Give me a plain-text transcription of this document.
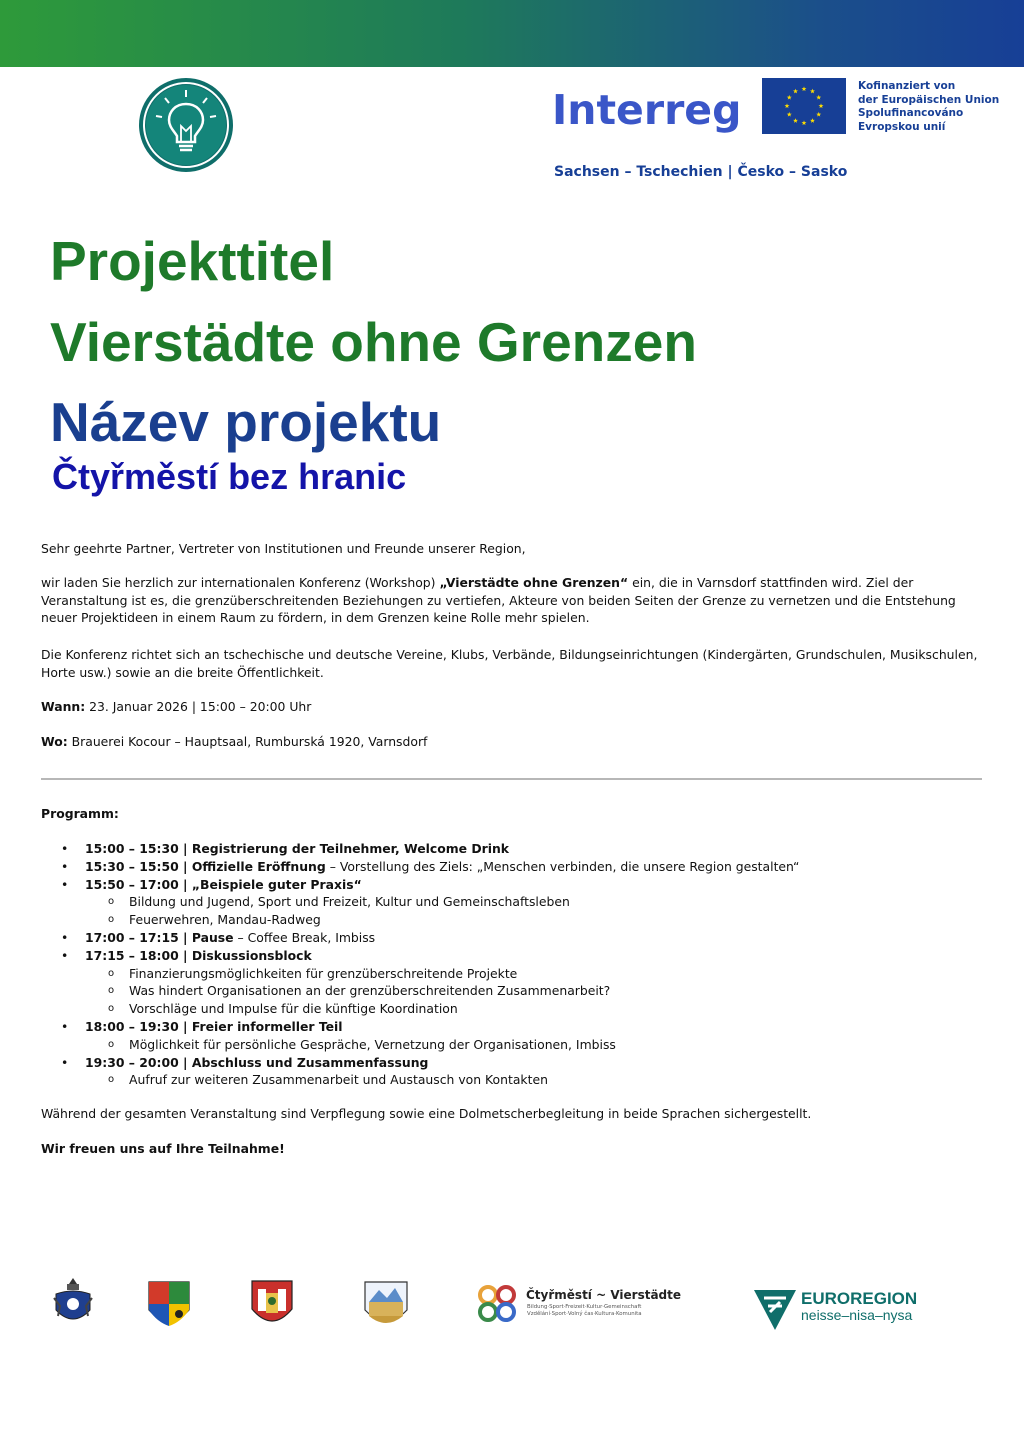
Interreg	Kofinanziert von
der Europäischen Union
Spolufinancováno
Evropskou unií
Sachsen – Tschechien | Česko – Sasko
Projekttitel
Vierstädte ohne Grenzen
Název projektu
Čtyřměstí bez hranic

Sehr geehrte Partner, Vertreter von Institutionen und Freunde unserer Region,

wir laden Sie herzlich zur internationalen Konferenz (Workshop) „Vierstädte ohne Grenzen“ ein, die in Varnsdorf stattfinden wird. Ziel der Veranstaltung ist es, die grenzüberschreitenden Beziehungen zu vertiefen, Akteure von beiden Seiten der Grenze zu vernetzen und die Entstehung neuer Projektideen in einem Raum zu fördern, in dem Grenzen keine Rolle mehr spielen.

Die Konferenz richtet sich an tschechische und deutsche Vereine, Klubs, Verbände, Bildungseinrichtungen (Kindergärten, Grundschulen, Musikschulen, Horte usw.) sowie an die breite Öffentlichkeit.

Wann: 23. Januar 2026 | 15:00 – 20:00 Uhr

Wo: Brauerei Kocour – Hauptsaal, Rumburská 1920, Varnsdorf

Programm:
• 15:00 – 15:30 | Registrierung der Teilnehmer, Welcome Drink
• 15:30 – 15:50 | Offizielle Eröffnung – Vorstellung des Ziels: „Menschen verbinden, die unsere Region gestalten“
• 15:50 – 17:00 | „Beispiele guter Praxis“
o Bildung und Jugend, Sport und Freizeit, Kultur und Gemeinschaftsleben
o Feuerwehren, Mandau-Radweg
• 17:00 – 17:15 | Pause – Coffee Break, Imbiss
• 17:15 – 18:00 | Diskussionsblock
o Finanzierungsmöglichkeiten für grenzüberschreitende Projekte
o Was hindert Organisationen an der grenzüberschreitenden Zusammenarbeit?
o Vorschläge und Impulse für die künftige Koordination
• 18:00 – 19:30 | Freier informeller Teil
o Möglichkeit für persönliche Gespräche, Vernetzung der Organisationen, Imbiss
• 19:30 – 20:00 | Abschluss und Zusammenfassung
o Aufruf zur weiteren Zusammenarbeit und Austausch von Kontakten

Während der gesamten Veranstaltung sind Verpflegung sowie eine Dolmetscherbegleitung in beide Sprachen sichergestellt.

Wir freuen uns auf Ihre Teilnahme!

Čtyřměstí ~ Vierstädte
Bildung·Sport·Freizeit·Kultur·Gemeinschaft
Vzdělání·Sport·Volný čas·Kultura·Komunita
EUROREGION
neisse–nisa–nysa
